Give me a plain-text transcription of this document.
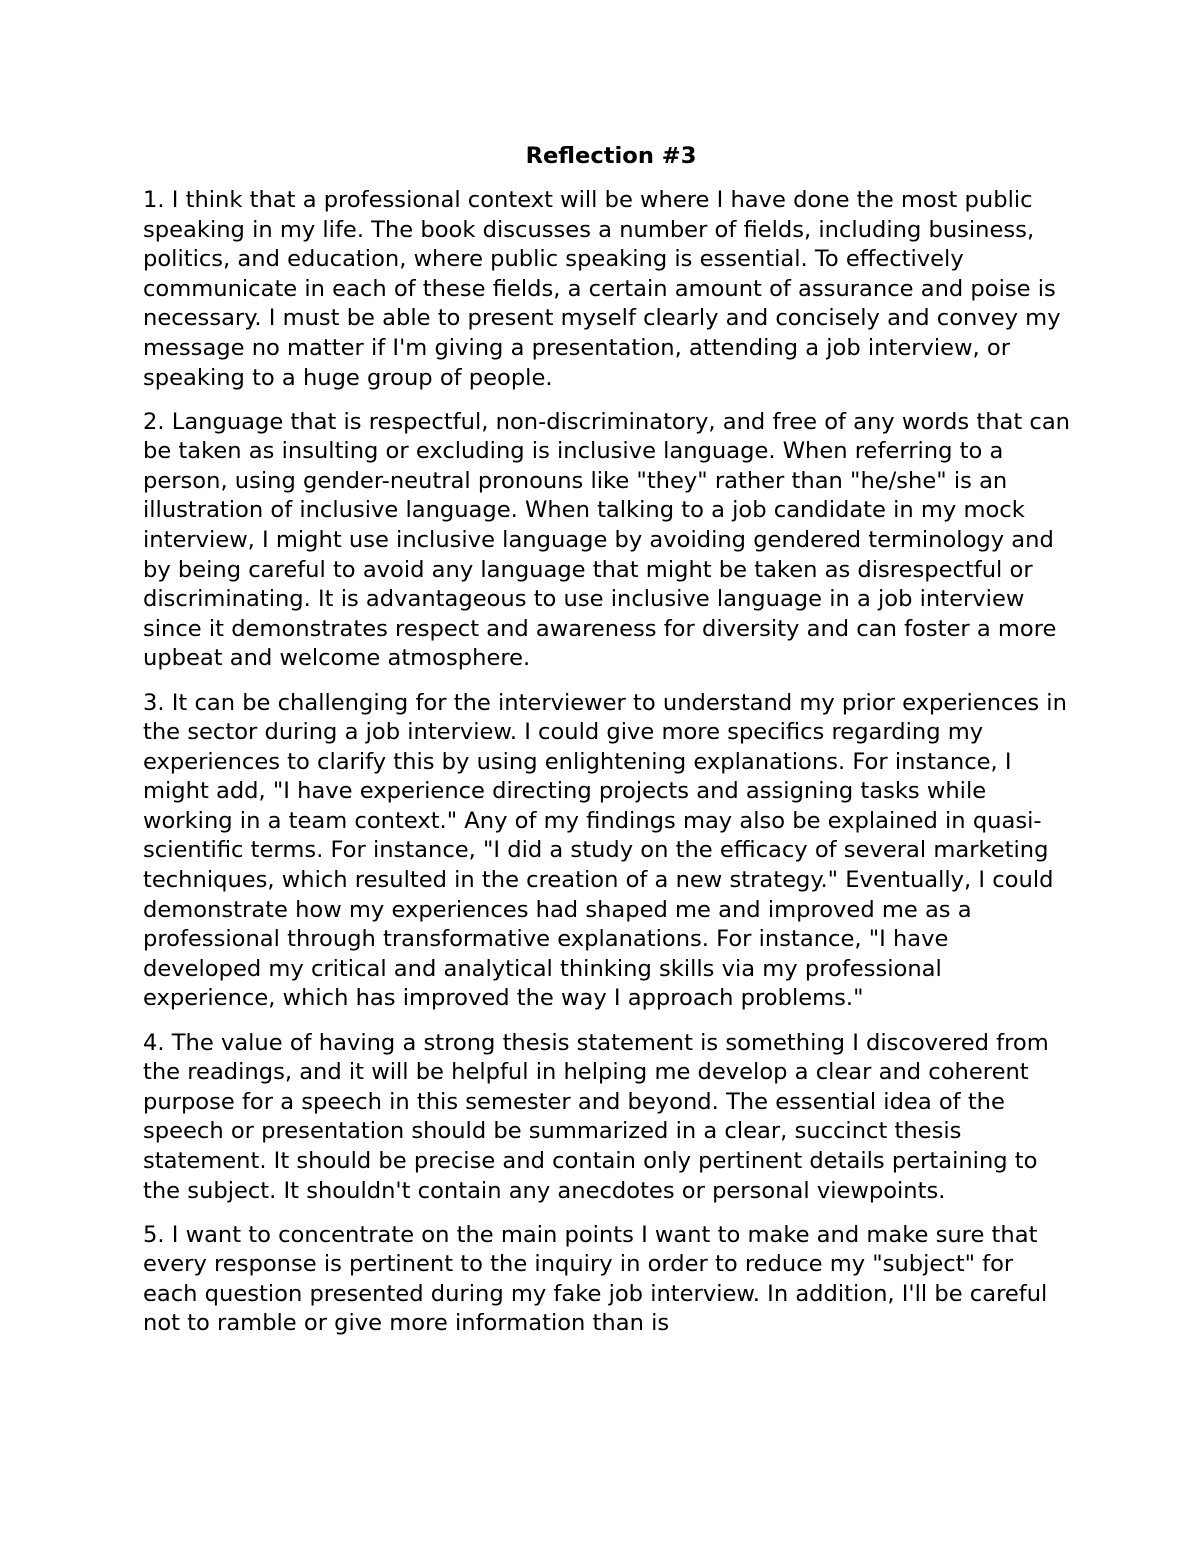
Reflection #3

1. I think that a professional context will be where I have done the most public speaking in my life. The book discusses a number of fields, including business, politics, and education, where public speaking is essential. To effectively communicate in each of these fields, a certain amount of assurance and poise is necessary. I must be able to present myself clearly and concisely and convey my message no matter if I'm giving a presentation, attending a job interview, or speaking to a huge group of people.

2. Language that is respectful, non-discriminatory, and free of any words that can be taken as insulting or excluding is inclusive language. When referring to a person, using gender-neutral pronouns like "they" rather than "he/she" is an illustration of inclusive language. When talking to a job candidate in my mock interview, I might use inclusive language by avoiding gendered terminology and by being careful to avoid any language that might be taken as disrespectful or discriminating. It is advantageous to use inclusive language in a job interview since it demonstrates respect and awareness for diversity and can foster a more upbeat and welcome atmosphere.

3. It can be challenging for the interviewer to understand my prior experiences in the sector during a job interview. I could give more specifics regarding my experiences to clarify this by using enlightening explanations. For instance, I might add, "I have experience directing projects and assigning tasks while working in a team context." Any of my findings may also be explained in quasi-scientific terms. For instance, "I did a study on the efficacy of several marketing techniques, which resulted in the creation of a new strategy." Eventually, I could demonstrate how my experiences had shaped me and improved me as a professional through transformative explanations. For instance, "I have developed my critical and analytical thinking skills via my professional experience, which has improved the way I approach problems."

4. The value of having a strong thesis statement is something I discovered from the readings, and it will be helpful in helping me develop a clear and coherent purpose for a speech in this semester and beyond. The essential idea of the speech or presentation should be summarized in a clear, succinct thesis statement. It should be precise and contain only pertinent details pertaining to the subject. It shouldn't contain any anecdotes or personal viewpoints.

5. I want to concentrate on the main points I want to make and make sure that every response is pertinent to the inquiry in order to reduce my "subject" for each question presented during my fake job interview. In addition, I'll be careful not to ramble or give more information than is
